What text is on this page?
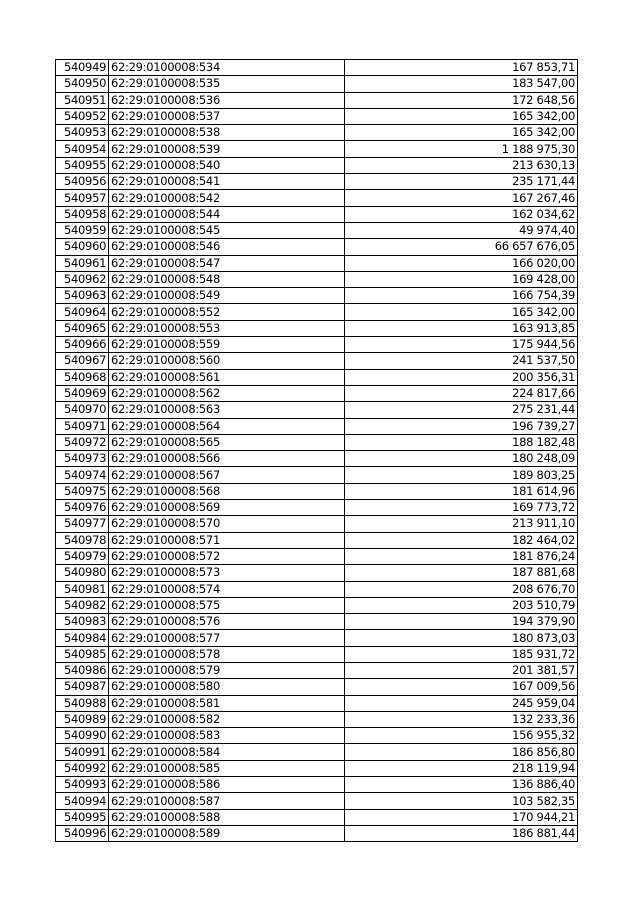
540949	62:29:0100008:534	167 853,71
540950	62:29:0100008:535	183 547,00
540951	62:29:0100008:536	172 648,56
540952	62:29:0100008:537	165 342,00
540953	62:29:0100008:538	165 342,00
540954	62:29:0100008:539	1 188 975,30
540955	62:29:0100008:540	213 630,13
540956	62:29:0100008:541	235 171,44
540957	62:29:0100008:542	167 267,46
540958	62:29:0100008:544	162 034,62
540959	62:29:0100008:545	49 974,40
540960	62:29:0100008:546	66 657 676,05
540961	62:29:0100008:547	166 020,00
540962	62:29:0100008:548	169 428,00
540963	62:29:0100008:549	166 754,39
540964	62:29:0100008:552	165 342,00
540965	62:29:0100008:553	163 913,85
540966	62:29:0100008:559	175 944,56
540967	62:29:0100008:560	241 537,50
540968	62:29:0100008:561	200 356,31
540969	62:29:0100008:562	224 817,66
540970	62:29:0100008:563	275 231,44
540971	62:29:0100008:564	196 739,27
540972	62:29:0100008:565	188 182,48
540973	62:29:0100008:566	180 248,09
540974	62:29:0100008:567	189 803,25
540975	62:29:0100008:568	181 614,96
540976	62:29:0100008:569	169 773,72
540977	62:29:0100008:570	213 911,10
540978	62:29:0100008:571	182 464,02
540979	62:29:0100008:572	181 876,24
540980	62:29:0100008:573	187 881,68
540981	62:29:0100008:574	208 676,70
540982	62:29:0100008:575	203 510,79
540983	62:29:0100008:576	194 379,90
540984	62:29:0100008:577	180 873,03
540985	62:29:0100008:578	185 931,72
540986	62:29:0100008:579	201 381,57
540987	62:29:0100008:580	167 009,56
540988	62:29:0100008:581	245 959,04
540989	62:29:0100008:582	132 233,36
540990	62:29:0100008:583	156 955,32
540991	62:29:0100008:584	186 856,80
540992	62:29:0100008:585	218 119,94
540993	62:29:0100008:586	136 886,40
540994	62:29:0100008:587	103 582,35
540995	62:29:0100008:588	170 944,21
540996	62:29:0100008:589	186 881,44
